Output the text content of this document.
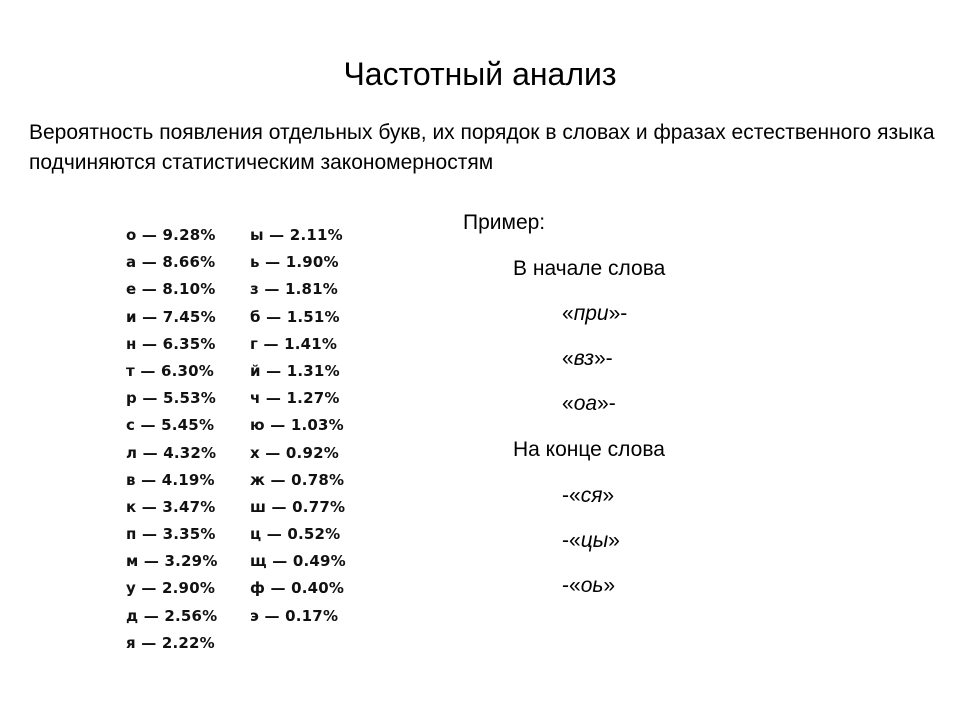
Частотный анализ
Вероятность появления отдельных букв, их порядок в словах и фразах естественного языка подчиняются статистическим закономерностям
о — 9.28%
а — 8.66%
е — 8.10%
и — 7.45%
н — 6.35%
т — 6.30%
р — 5.53%
с — 5.45%
л — 4.32%
в — 4.19%
к — 3.47%
п — 3.35%
м — 3.29%
у — 2.90%
д — 2.56%
я — 2.22%
ы — 2.11%
ь — 1.90%
з — 1.81%
б — 1.51%
г — 1.41%
й — 1.31%
ч — 1.27%
ю — 1.03%
х — 0.92%
ж — 0.78%
ш — 0.77%
ц — 0.52%
щ — 0.49%
ф — 0.40%
э — 0.17%
Пример:
В начале слова
«при»-
«вз»-
«оа»-
На конце слова
-«ся»
-«цы»
-«оь»
